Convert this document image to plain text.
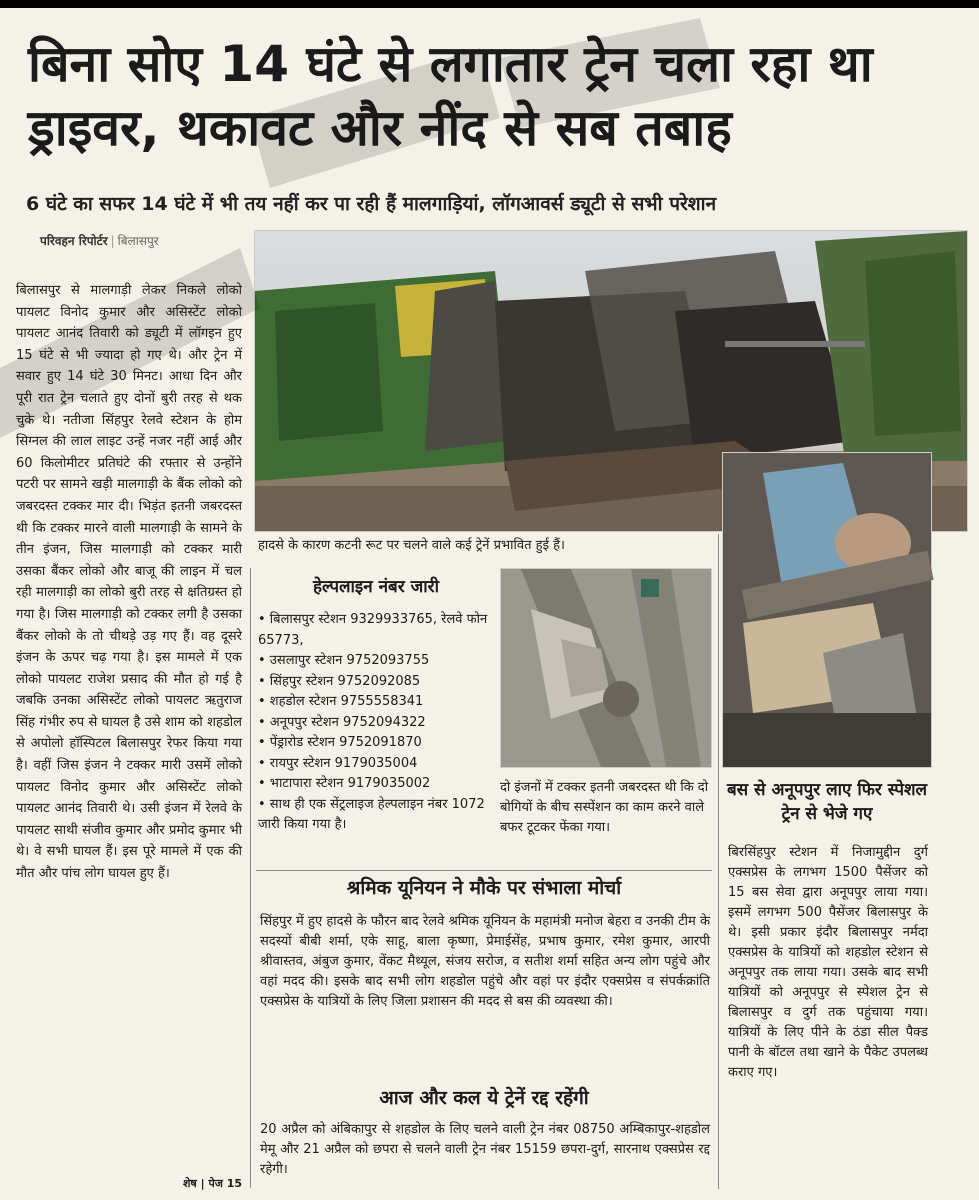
बिना सोए 14 घंटे से लगातार ट्रेन चला रहा था ड्राइवर, थकावट और नींद से सब तबाह
6 घंटे का सफर 14 घंटे में भी तय नहीं कर पा रही हैं मालगाड़ियां, लॉगआवर्स ड्यूटी से सभी परेशान
परिवहन रिपोर्टर | बिलासपुर
बिलासपुर से मालगाड़ी लेकर निकले लोको पायलट विनोद कुमार और असिस्टेंट लोको पायलट आनंद तिवारी को ड्यूटी में लॉगइन हुए 15 घंटे से भी ज्यादा हो गए थे। और ट्रेन में सवार हुए 14 घंटे 30 मिनट। आधा दिन और पूरी रात ट्रेन चलाते हुए दोनों बुरी तरह से थक चुके थे। नतीजा सिंहपुर रेलवे स्टेशन के होम सिग्नल की लाल लाइट उन्हें नजर नहीं आई और 60 किलोमीटर प्रतिघंटे की रफ्तार से उन्होंने पटरी पर सामने खड़ी मालगाड़ी के बैंक लोको को जबरदस्त टक्कर मार दी। भिड़ंत इतनी जबरदस्त थी कि टक्कर मारने वाली मालगाड़ी के सामने के तीन इंजन, जिस मालगाड़ी को टक्कर मारी उसका बैंकर लोको और बाजू की लाइन में चल रही मालगाड़ी का लोको बुरी तरह से क्षतिग्रस्त हो गया है। जिस मालगाड़ी को टक्कर लगी है उसका बैंकर लोको के तो चीथड़े उड़ गए हैं। वह दूसरे इंजन के ऊपर चढ़ गया है। इस मामले में एक लोको पायलट राजेश प्रसाद की मौत हो गई है जबकि उनका असिस्टेंट लोको पायलट ऋतुराज सिंह गंभीर रुप से घायल है उसे शाम को शहडोल से अपोलो हॉस्पिटल बिलासपुर रेफर किया गया है। वहीं जिस इंजन ने टक्कर मारी उसमें लोको पायलट विनोद कुमार और असिस्टेंट लोको पायलट आनंद तिवारी थे। उसी इंजन में रेलवे के पायलट साथी संजीव कुमार और प्रमोद कुमार भी थे। वे सभी घायल हैं। इस पूरे मामले में एक की मौत और पांच लोग घायल हुए हैं।
शेष | पेज 15
हादसे के कारण कटनी रूट पर चलने वाले कई ट्रेनें प्रभावित हुई हैं।
हेल्पलाइन नंबर जारी
• बिलासपुर स्टेशन 9329933765, रेलवे फोन 65773,
• उसलापुर स्टेशन 9752093755
• सिंहपुर स्टेशन 9752092085
• शहडोल स्टेशन 9755558341
• अनूपपुर स्टेशन 9752094322
• पेंड्रारोड स्टेशन 9752091870
• रायपुर स्टेशन 9179035004
• भाटापारा स्टेशन 9179035002
• साथ ही एक सेंट्रलाइज हेल्पलाइन नंबर 1072 जारी किया गया है।
दो इंजनों में टक्कर इतनी जबरदस्त थी कि दो बोगियों के बीच सस्पेंशन का काम करने वाले बफर टूटकर फेंका गया।
श्रमिक यूनियन ने मौके पर संभाला मोर्चा
सिंहपुर में हुए हादसे के फौरन बाद रेलवे श्रमिक यूनियन के महामंत्री मनोज बेहरा व उनकी टीम के सदस्यों बीबी शर्मा, एके साहू, बाला कृष्णा, प्रेमाईसेंह, प्रभाष कुमार, रमेश कुमार, आरपी श्रीवास्तव, अंबुज कुमार, वेंकट मैथ्यूल, संजय सरोज, व सतीश शर्मा सहित अन्य लोग पहुंचे और वहां मदद की। इसके बाद सभी लोग शहडोल पहुंचे और वहां पर इंदौर एक्सप्रेस व संपर्कक्रांति एक्सप्रेस के यात्रियों के लिए जिला प्रशासन की मदद से बस की व्यवस्था की।
आज और कल ये ट्रेनें रद्द रहेंगी
20 अप्रैल को अंबिकापुर से शहडोल के लिए चलने वाली ट्रेन नंबर 08750 अम्बिकापुर-शहडोल मेमू और 21 अप्रैल को छपरा से चलने वाली ट्रेन नंबर 15159 छपरा-दुर्ग, सारनाथ एक्सप्रेस रद्द रहेगी।
बस से अनूपपुर लाए फिर स्पेशल ट्रेन से भेजे गए
बिरसिंहपुर स्टेशन में निजामुद्दीन दुर्ग एक्सप्रेस के लगभग 1500 पैसेंजर को 15 बस सेवा द्वारा अनूपपुर लाया गया। इसमें लगभग 500 पैसेंजर बिलासपुर के थे। इसी प्रकार इंदौर बिलासपुर नर्मदा एक्सप्रेस के यात्रियों को शहडोल स्टेशन से अनूपपुर तक लाया गया। उसके बाद सभी यात्रियों को अनूपपुर से स्पेशल ट्रेन से बिलासपुर व दुर्ग तक पहुंचाया गया। यात्रियों के लिए पीने के ठंडा सील पैक्ड पानी के बॉटल तथा खाने के पैकेट उपलब्ध कराए गए।
